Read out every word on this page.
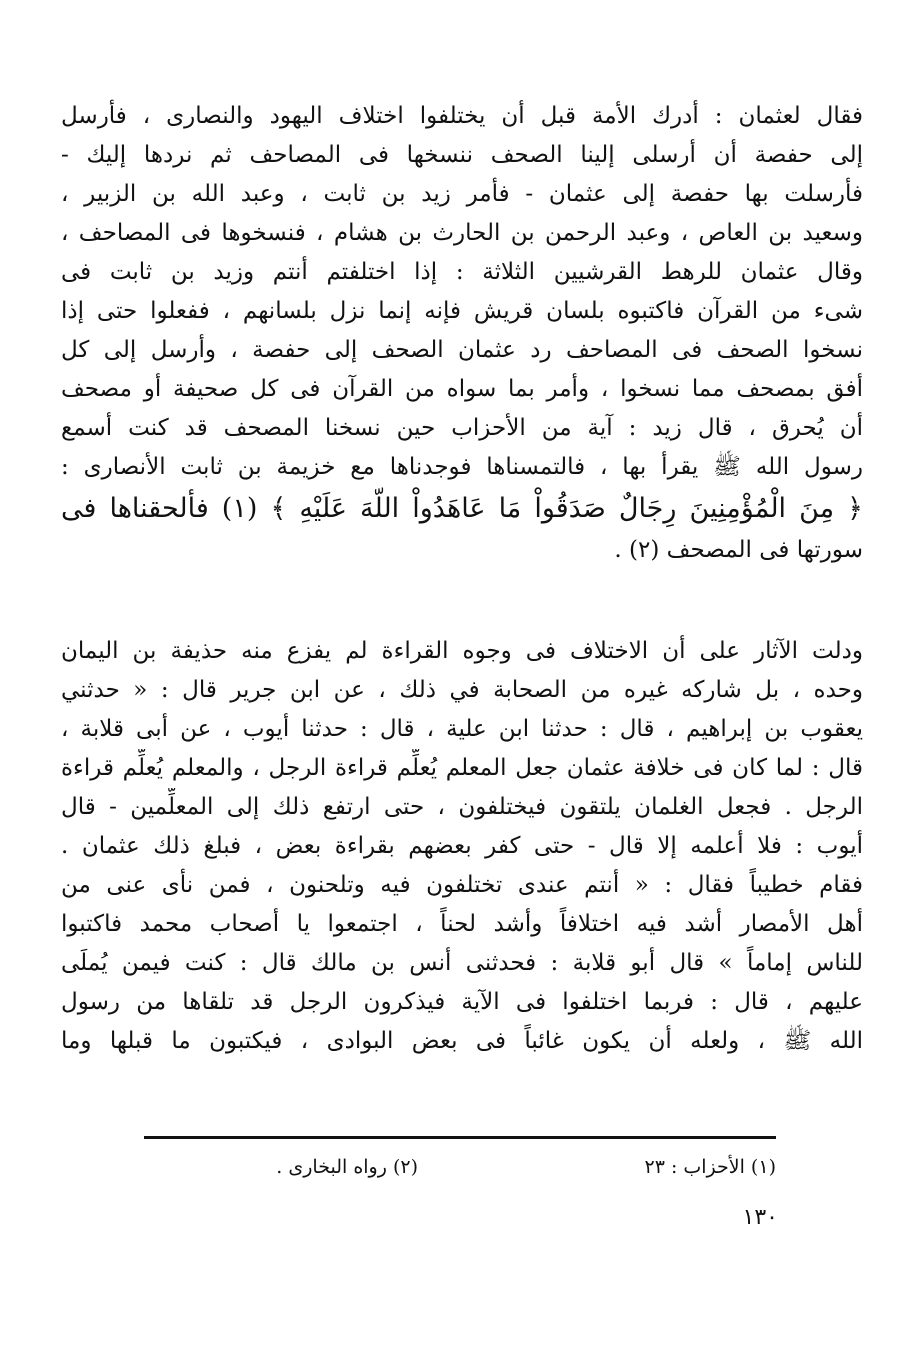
فقال لعثمان : أدرك الأمة قبل أن يختلفوا اختلاف اليهود والنصارى ، فأرسل
إلى حفصة أن أرسلى إلينا الصحف ننسخها فى المصاحف ثم نردها إليك -
فأرسلت بها حفصة إلى عثمان - فأمر زيد بن ثابت ، وعبد الله بن الزبير ،
وسعيد بن العاص ، وعبد الرحمن بن الحارث بن هشام ، فنسخوها فى المصاحف ،
وقال عثمان للرهط القرشيين الثلاثة : إذا اختلفتم أنتم وزيد بن ثابت فى
شىء من القرآن فاكتبوه بلسان قريش فإنه إنما نزل بلسانهم ، ففعلوا حتى إذا
نسخوا الصحف فى المصاحف رد عثمان الصحف إلى حفصة ، وأرسل إلى كل
أفق بمصحف مما نسخوا ، وأمر بما سواه من القرآن فى كل صحيفة أو مصحف
أن يُحرق ، قال زيد : آية من الأحزاب حين نسخنا المصحف قد كنت أسمع
رسول الله ﷺ يقرأ بها ، فالتمسناها فوجدناها مع خزيمة بن ثابت الأنصارى :
﴿ مِنَ الْمُؤْمِنِينَ رِجَالٌ صَدَقُواْ مَا عَاهَدُواْ اللَّهَ عَلَيْهِ ﴾ (١) فألحقناها فى
سورتها فى المصحف (٢) .
ودلت الآثار على أن الاختلاف فى وجوه القراءة لم يفزع منه حذيفة بن اليمان
وحده ، بل شاركه غيره من الصحابة في ذلك ، عن ابن جرير قال : « حدثني
يعقوب بن إبراهيم ، قال : حدثنا ابن علية ، قال : حدثنا أيوب ، عن أبى قلابة ،
قال : لما كان فى خلافة عثمان جعل المعلم يُعلِّم قراءة الرجل ، والمعلم يُعلِّم قراءة
الرجل . فجعل الغلمان يلتقون فيختلفون ، حتى ارتفع ذلك إلى المعلِّمين - قال
أيوب : فلا أعلمه إلا قال - حتى كفر بعضهم بقراءة بعض ، فبلغ ذلك عثمان .
فقام خطيباً فقال : « أنتم عندى تختلفون فيه وتلحنون ، فمن نأى عنى من
أهل الأمصار أشد فيه اختلافاً وأشد لحناً ، اجتمعوا يا أصحاب محمد فاكتبوا
للناس إماماً » قال أبو قلابة : فحدثنى أنس بن مالك قال : كنت فيمن يُملَى
عليهم ، قال : فربما اختلفوا فى الآية فيذكرون الرجل قد تلقاها من رسول
الله ﷺ ، ولعله أن يكون غائباً فى بعض البوادى ، فيكتبون ما قبلها وما
(١) الأحزاب : ٢٣
(٢) رواه البخارى .
١٣٠
